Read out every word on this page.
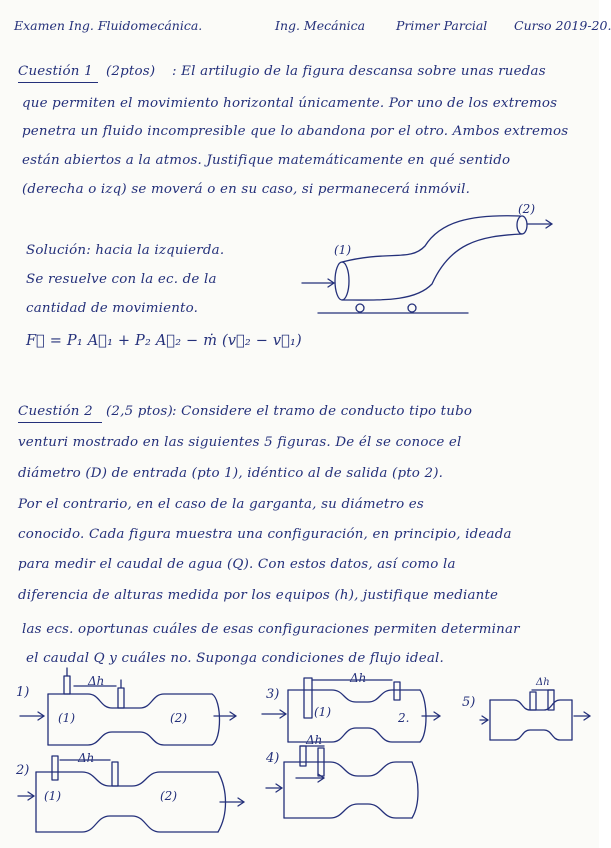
Examen Ing. Fluidomecánica.	Ing. Mecánica Primer Parcial Curso 2019-20.
Cuestión 1 (2ptos) : El artilugio de la figura descansa sobre unas ruedas
que permiten el movimiento horizontal únicamente. Por uno de los extremos
penetra un fluido incompresible que lo abandona por el otro. Ambos extremos
están abiertos a la atmos. Justifique matemáticamente en qué sentido
(derecha o izq) se moverá o en su caso, si permanecerá inmóvil.
Solución: hacia la izquierda.
Se resuelve con la ec. de la
cantidad de movimiento.
F⃗ = P₁ A⃗₁ + P₂ A⃗₂ − ṁ (v⃗₂ − v⃗₁)
(1)
(2)
Cuestión 2 (2,5 ptos) : Considere el tramo de conducto tipo tubo
venturi mostrado en las siguientes 5 figuras. De él se conoce el
diámetro (D) de entrada (pto 1), idéntico al de salida (pto 2).
Por el contrario, en el caso de la garganta, su diámetro es
conocido. Cada figura muestra una configuración, en principio, ideada
para medir el caudal de agua (Q). Con estos datos, así como la
diferencia de alturas medida por los equipos (h), justifique mediante
las ecs. oportunas cuáles de esas configuraciones permiten determinar
el caudal Q y cuáles no. Suponga condiciones de flujo ideal.
1)
Δh
(1)	(2)
2)
Δh
(1)	(2)
3)
Δh
(1)	2.
4)
Δh
5)
Δh
